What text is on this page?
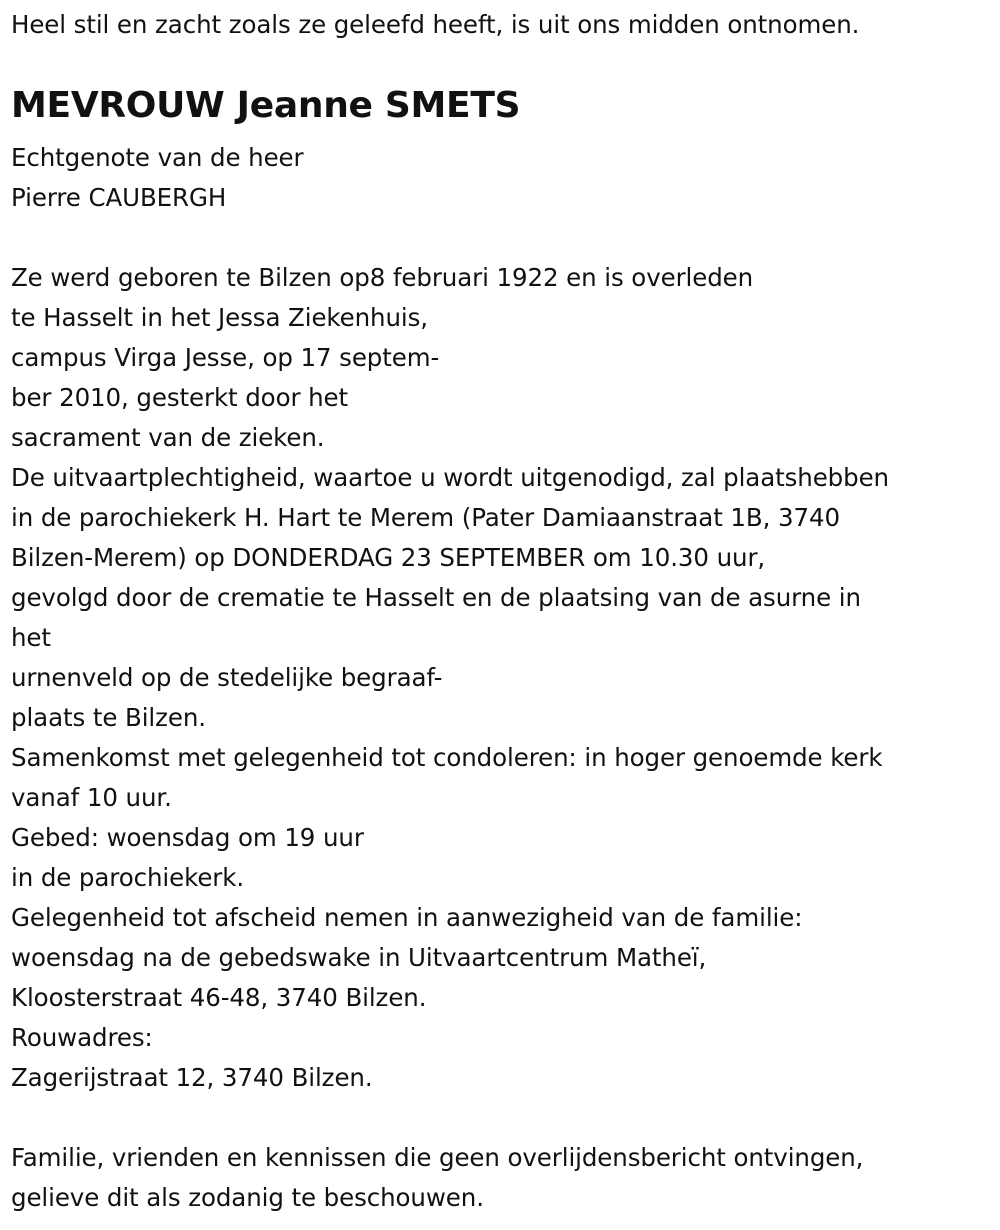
Heel stil en zacht zoals ze geleefd heeft, is uit ons midden ontnomen.
MEVROUW Jeanne SMETS
Echtgenote van de heer
Pierre CAUBERGH
Ze werd geboren te Bilzen op8 februari 1922 en is overleden
te Hasselt in het Jessa Ziekenhuis,
campus Virga Jesse, op 17 septem-
ber 2010, gesterkt door het
sacrament van de zieken.
De uitvaartplechtigheid, waartoe u wordt uitgenodigd, zal plaatshebben
in de parochiekerk H. Hart te Merem (Pater Damiaanstraat 1B, 3740
Bilzen-Merem) op DONDERDAG 23 SEPTEMBER om 10.30 uur,
gevolgd door de crematie te Hasselt en de plaatsing van de asurne in
het
urnenveld op de stedelijke begraaf-
plaats te Bilzen.
Samenkomst met gelegenheid tot condoleren: in hoger genoemde kerk
vanaf 10 uur.
Gebed: woensdag om 19 uur
in de parochiekerk.
Gelegenheid tot afscheid nemen in aanwezigheid van de familie:
woensdag na de gebedswake in Uitvaartcentrum Matheï,
Kloosterstraat 46-48, 3740 Bilzen.
Rouwadres:
Zagerijstraat 12, 3740 Bilzen.
Familie, vrienden en kennissen die geen overlijdensbericht ontvingen,
gelieve dit als zodanig te beschouwen.
